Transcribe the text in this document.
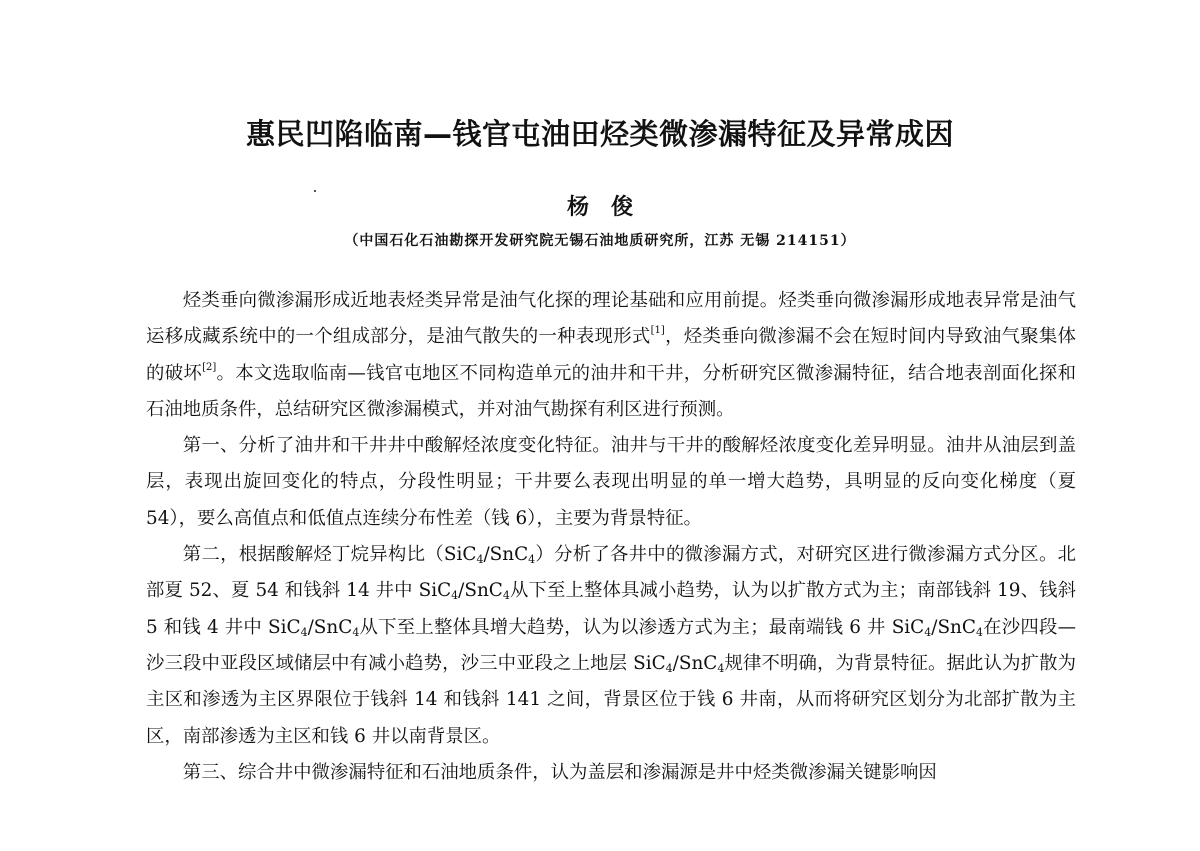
惠民凹陷临南—钱官屯油田烃类微渗漏特征及异常成因
杨俊
（中国石化石油勘探开发研究院无锡石油地质研究所，江苏 无锡 214151）

烃类垂向微渗漏形成近地表烃类异常是油气化探的理论基础和应用前提。烃类垂向微渗漏形成地表异常是油气运移成藏系统中的一个组成部分，是油气散失的一种表现形式[1]，烃类垂向微渗漏不会在短时间内导致油气聚集体的破坏[2]。本文选取临南—钱官屯地区不同构造单元的油井和干井，分析研究区微渗漏特征，结合地表剖面化探和石油地质条件，总结研究区微渗漏模式，并对油气勘探有利区进行预测。

第一、分析了油井和干井井中酸解烃浓度变化特征。油井与干井的酸解烃浓度变化差异明显。油井从油层到盖层，表现出旋回变化的特点，分段性明显；干井要么表现出明显的单一增大趋势，具明显的反向变化梯度（夏 54），要么高值点和低值点连续分布性差（钱 6），主要为背景特征。

第二，根据酸解烃丁烷异构比（SiC$_4$/SnC$_4$）分析了各井中的微渗漏方式，对研究区进行微渗漏方式分区。北部夏 52、夏 54 和钱斜 14 井中 SiC$_4$/SnC$_4$从下至上整体具减小趋势，认为以扩散方式为主；南部钱斜 19、钱斜 5 和钱 4 井中 SiC$_4$/SnC$_4$从下至上整体具增大趋势，认为以渗透方式为主；最南端钱 6 井 SiC$_4$/SnC$_4$在沙四段—沙三段中亚段区域储层中有减小趋势，沙三中亚段之上地层 SiC$_4$/SnC$_4$规律不明确，为背景特征。据此认为扩散为主区和渗透为主区界限位于钱斜 14 和钱斜 141 之间，背景区位于钱 6 井南，从而将研究区划分为北部扩散为主区，南部渗透为主区和钱 6 井以南背景区。

第三、综合井中微渗漏特征和石油地质条件，认为盖层和渗漏源是井中烃类微渗漏关键影响因
